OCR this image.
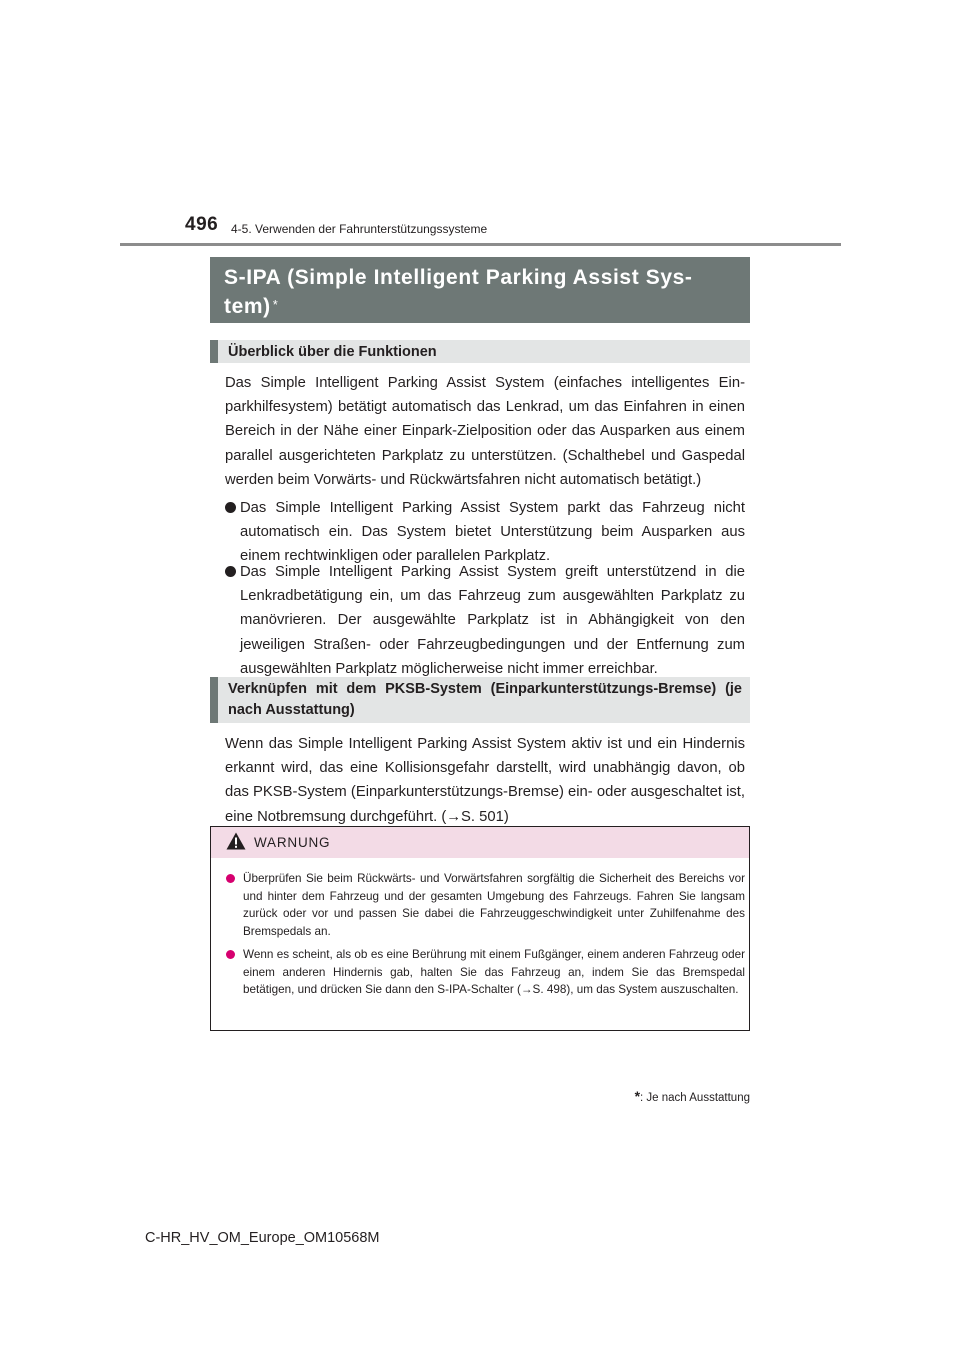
496 4-5. Verwenden der Fahrunterstützungssysteme
S-IPA (Simple Intelligent Parking Assist Sys-
tem) *
Überblick über die Funktionen
Das Simple Intelligent Parking Assist System (einfaches intelligentes Einparkhilfesystem) betätigt automatisch das Lenkrad, um das Einfahren in einen Bereich in der Nähe einer Einpark-Zielposition oder das Ausparken aus einem parallel ausgerichteten Parkplatz zu unterstützen. (Schalthebel und Gaspedal werden beim Vorwärts- und Rückwärtsfahren nicht automatisch betätigt.)
Das Simple Intelligent Parking Assist System parkt das Fahrzeug nicht automatisch ein. Das System bietet Unterstützung beim Ausparken aus einem rechtwinkligen oder parallelen Parkplatz.
Das Simple Intelligent Parking Assist System greift unterstützend in die Lenkradbetätigung ein, um das Fahrzeug zum ausgewählten Parkplatz zu manövrieren. Der ausgewählte Parkplatz ist in Abhängigkeit von den jeweiligen Straßen- oder Fahrzeugbedingungen und der Entfernung zum ausgewählten Parkplatz möglicherweise nicht immer erreichbar.
Verknüpfen mit dem PKSB-System (Einparkunterstützungs-Bremse) (je nach Ausstattung)
Wenn das Simple Intelligent Parking Assist System aktiv ist und ein Hindernis erkannt wird, das eine Kollisionsgefahr darstellt, wird unabhängig davon, ob das PKSB-System (Einparkunterstützungs-Bremse) ein- oder ausgeschaltet ist, eine Notbremsung durchgeführt. (→S. 501)
WARNUNG
Überprüfen Sie beim Rückwärts- und Vorwärtsfahren sorgfältig die Sicherheit des Bereichs vor und hinter dem Fahrzeug und der gesamten Umgebung des Fahrzeugs. Fahren Sie langsam zurück oder vor und passen Sie dabei die Fahrzeuggeschwindigkeit unter Zuhilfenahme des Bremspedals an.
Wenn es scheint, als ob es eine Berührung mit einem Fußgänger, einem anderen Fahrzeug oder einem anderen Hindernis gab, halten Sie das Fahrzeug an, indem Sie das Bremspedal betätigen, und drücken Sie dann den S-IPA-Schalter (→S. 498), um das System auszuschalten.
*: Je nach Ausstattung
C-HR_HV_OM_Europe_OM10568M
